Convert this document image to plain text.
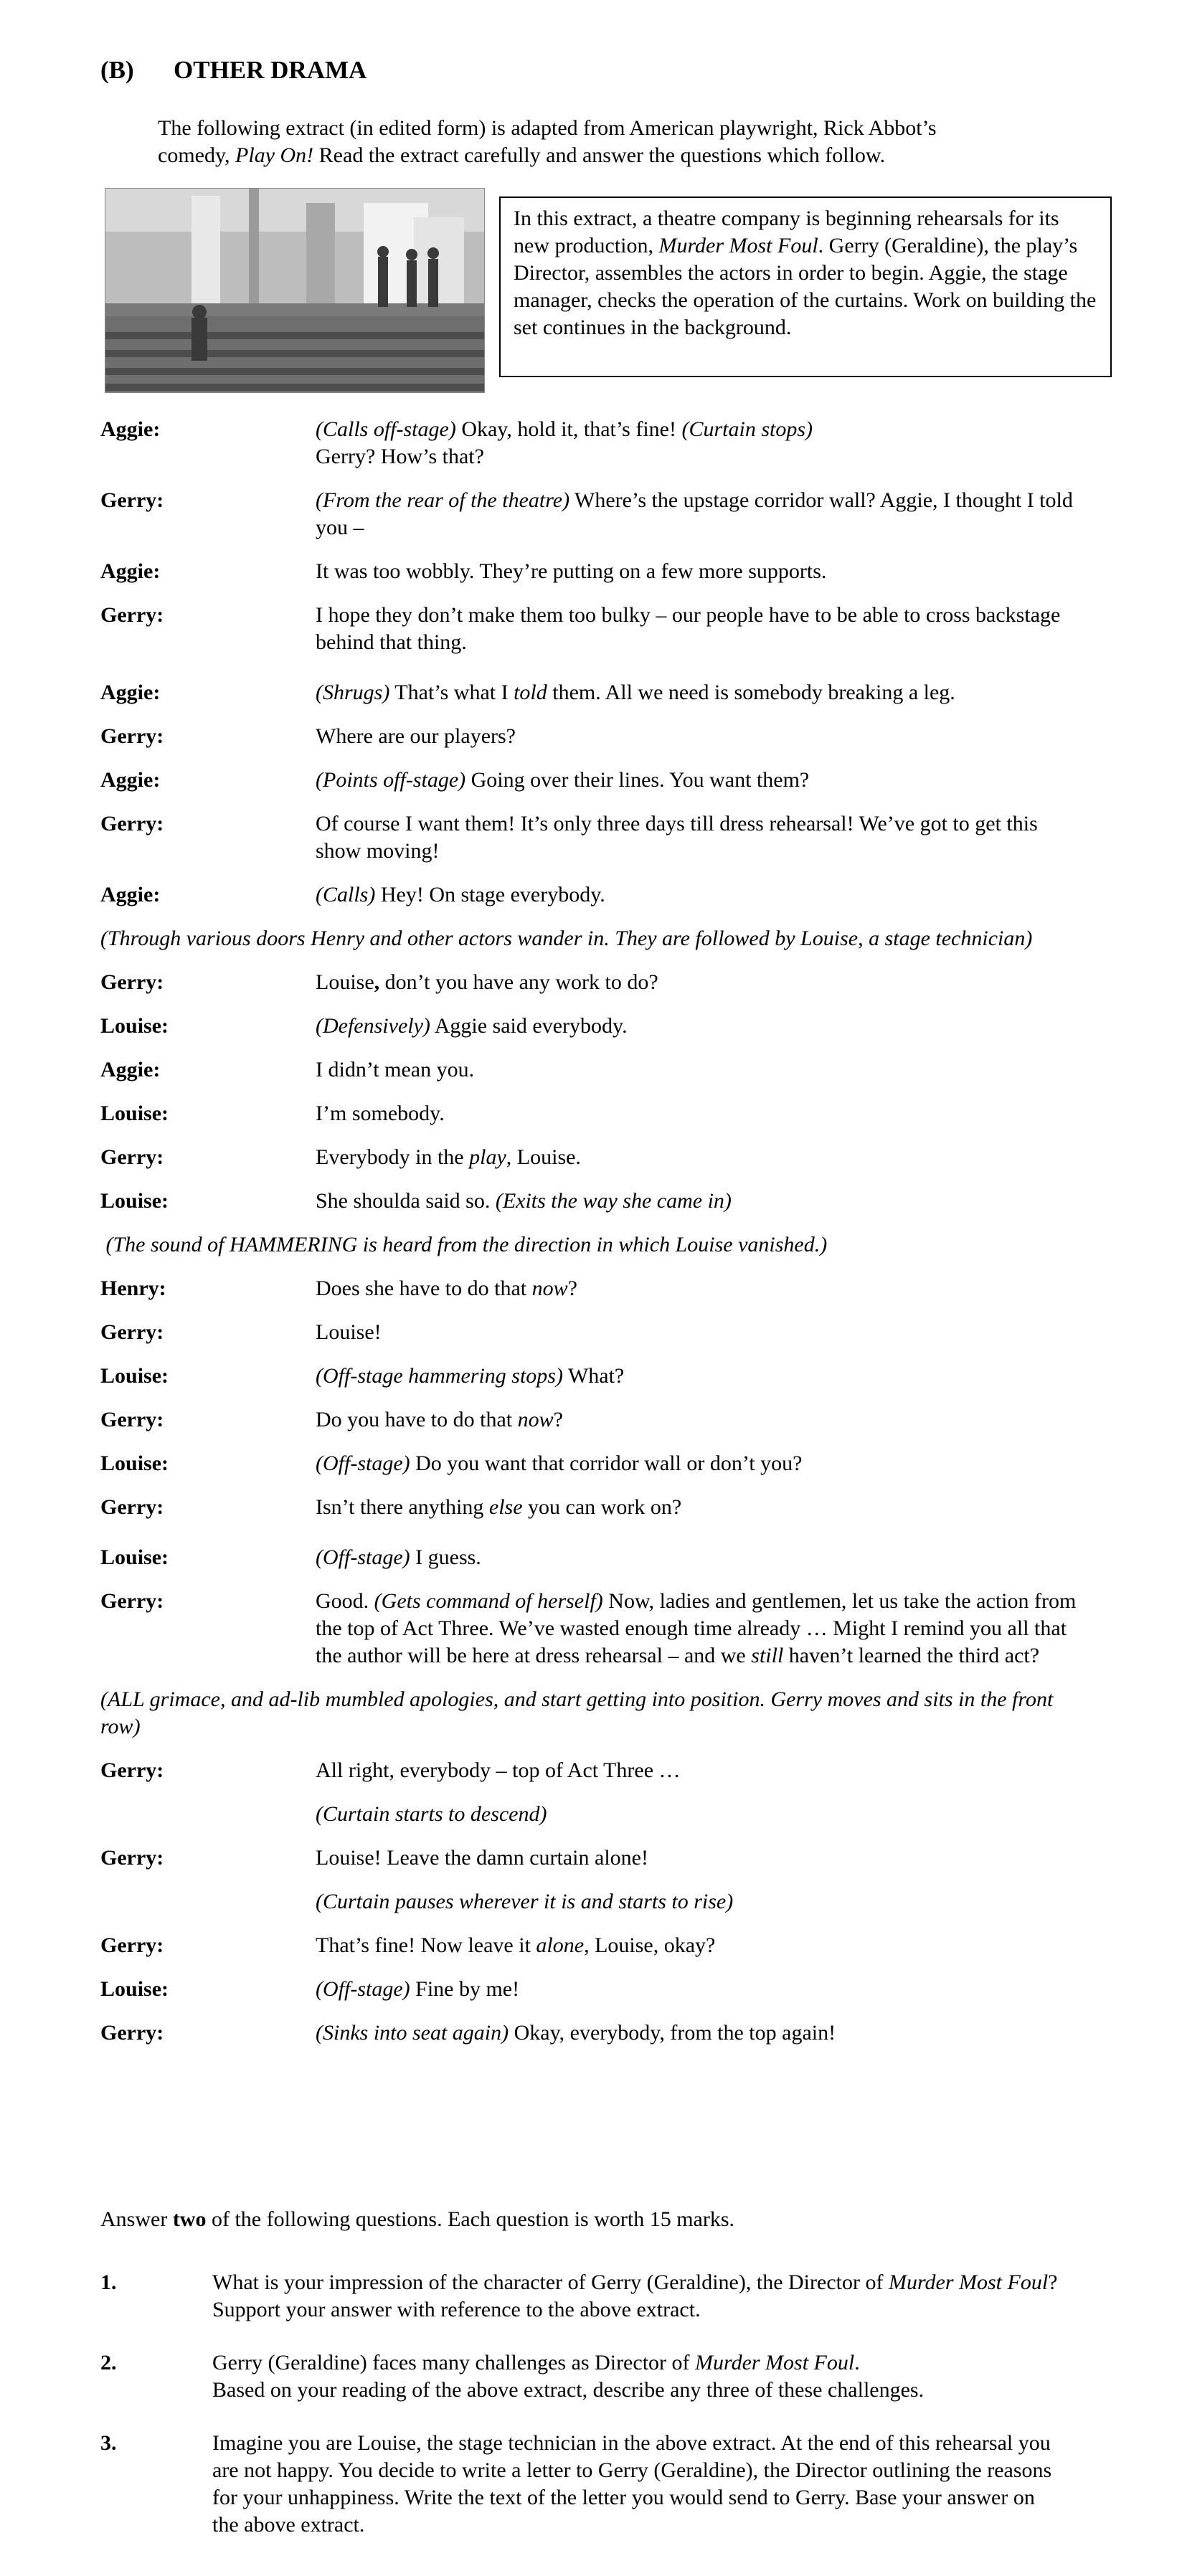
(B) OTHER DRAMA
The following extract (in edited form) is adapted from American playwright, Rick Abbot’s
comedy, Play On! Read the extract carefully and answer the questions which follow.
In this extract, a theatre company is beginning rehearsals for its new production, Murder Most Foul. Gerry (Geraldine), the play’s Director, assembles the actors in order to begin. Aggie, the stage manager, checks the operation of the curtains. Work on building the set continues in the background.
Aggie:	(Calls off-stage) Okay, hold it, that’s fine! (Curtain stops)
Gerry? How’s that?
Gerry:	(From the rear of the theatre) Where’s the upstage corridor wall? Aggie, I thought I told you –
Aggie:	It was too wobbly. They’re putting on a few more supports.
Gerry:	I hope they don’t make them too bulky – our people have to be able to cross backstage behind that thing.
Aggie:	(Shrugs) That’s what I told them. All we need is somebody breaking a leg.
Gerry:	Where are our players?
Aggie:	(Points off-stage) Going over their lines. You want them?
Gerry:	Of course I want them! It’s only three days till dress rehearsal! We’ve got to get this show moving!
Aggie:	(Calls) Hey! On stage everybody.
(Through various doors Henry and other actors wander in. They are followed by Louise, a stage technician)
Gerry:	Louise, don’t you have any work to do?
Louise:	(Defensively) Aggie said everybody.
Aggie:	I didn’t mean you.
Louise:	I’m somebody.
Gerry:	Everybody in the play, Louise.
Louise:	She shoulda said so. (Exits the way she came in)
(The sound of HAMMERING is heard from the direction in which Louise vanished.)
Henry:	Does she have to do that now?
Gerry:	Louise!
Louise:	(Off-stage hammering stops) What?
Gerry:	Do you have to do that now?
Louise:	(Off-stage) Do you want that corridor wall or don’t you?
Gerry:	Isn’t there anything else you can work on?
Louise:	(Off-stage) I guess.
Gerry:	Good. (Gets command of herself) Now, ladies and gentlemen, let us take the action from the top of Act Three. We’ve wasted enough time already … Might I remind you all that the author will be here at dress rehearsal – and we still haven’t learned the third act?
(ALL grimace, and ad-lib mumbled apologies, and start getting into position. Gerry moves and sits in the front row)
Gerry:	All right, everybody – top of Act Three …
(Curtain starts to descend)
Gerry:	Louise! Leave the damn curtain alone!
(Curtain pauses wherever it is and starts to rise)
Gerry:	That’s fine! Now leave it alone, Louise, okay?
Louise:	(Off-stage) Fine by me!
Gerry:	(Sinks into seat again) Okay, everybody, from the top again!
Answer two of the following questions. Each question is worth 15 marks.
1.	What is your impression of the character of Gerry (Geraldine), the Director of Murder Most Foul? Support your answer with reference to the above extract.
2.	Gerry (Geraldine) faces many challenges as Director of Murder Most Foul.
Based on your reading of the above extract, describe any three of these challenges.
3.	Imagine you are Louise, the stage technician in the above extract. At the end of this rehearsal you are not happy. You decide to write a letter to Gerry (Geraldine), the Director outlining the reasons for your unhappiness. Write the text of the letter you would send to Gerry. Base your answer on the above extract.
